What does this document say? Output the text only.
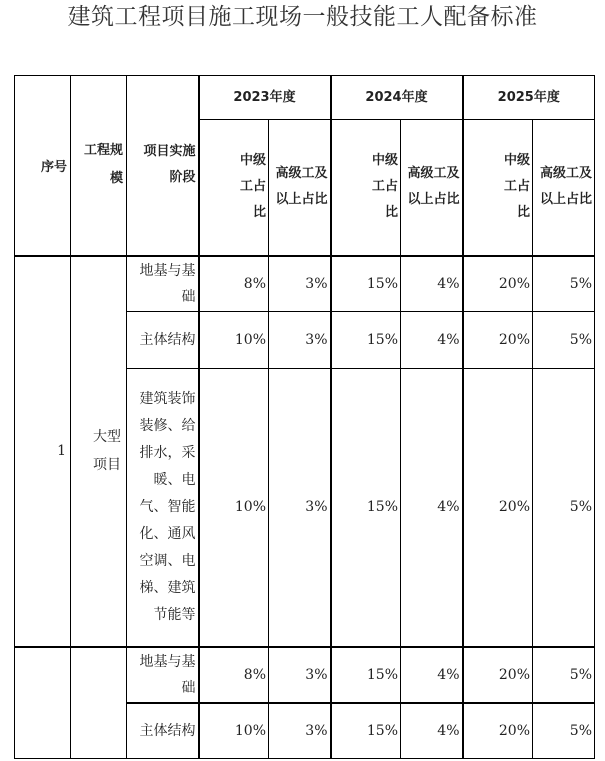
建筑工程项目施工现场一般技能工人配备标准
序号	工程规模	项目实施阶段	2023年度		2024年度		2025年度	

			中级工占比	高级工及以上占比	中级工占比	高级工及以上占比	中级工占比	高级工及以上占比

1	大型项目	地基与基础	8%	3%	15%	4%	20%	5%
		主体结构	10%	3%	15%	4%	20%	5%

		建筑装饰装修、给排水，采暖、电气、智能化、通风空调、电梯、建筑节能等	10%	3%	15%	4%	20%	5%
		地基与基础	8%	3%	15%	4%	20%	5%
		主体结构	10%	3%	15%	4%	20%	5%
